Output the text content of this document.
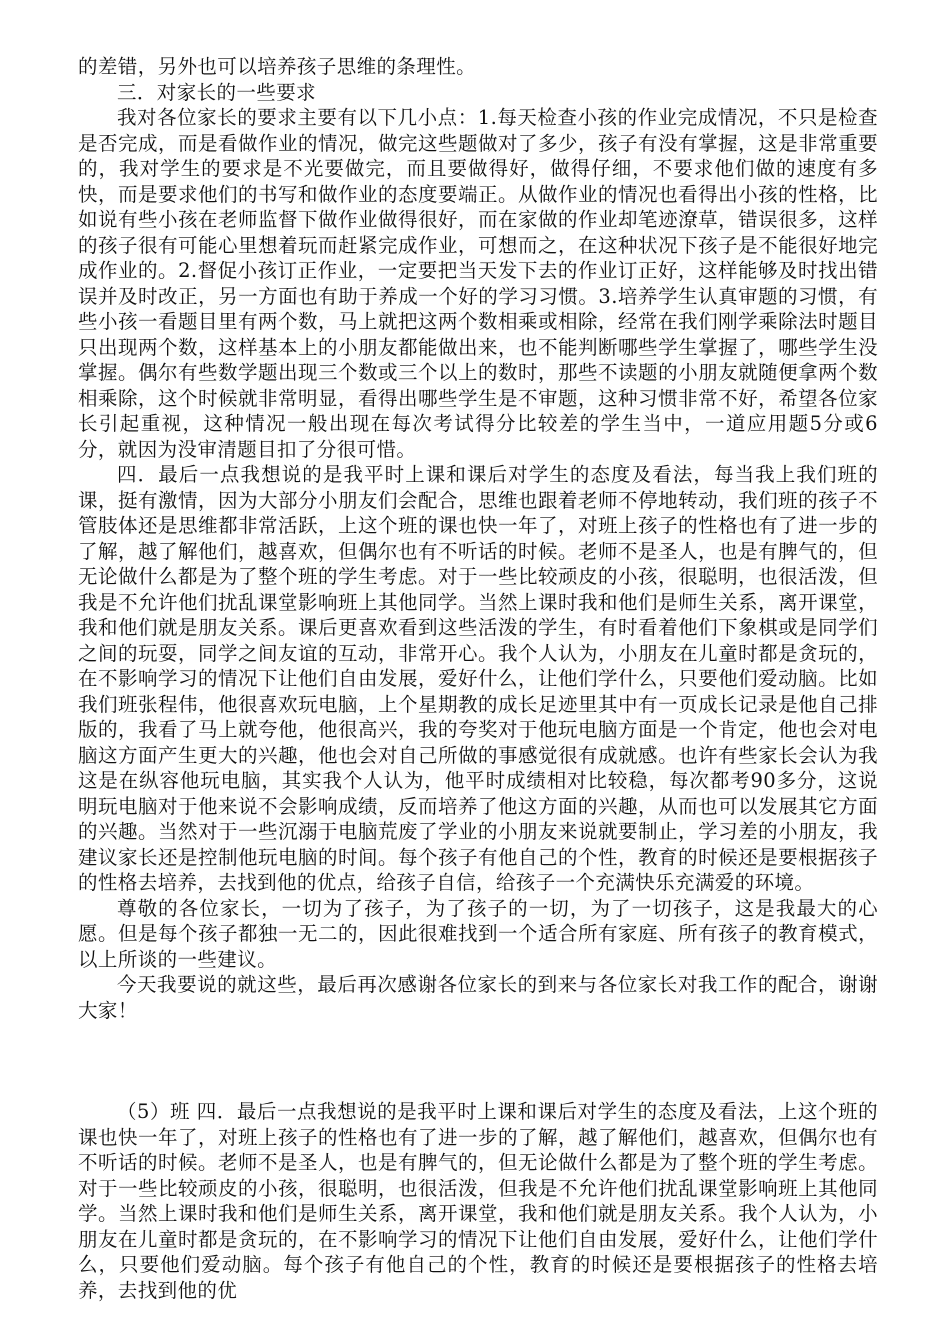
的差错，另外也可以培养孩子思维的条理性。

三．对家长的一些要求

我对各位家长的要求主要有以下几小点：1.每天检查小孩的作业完成情况，不只是检查是否完成，而是看做作业的情况，做完这些题做对了多少，孩子有没有掌握，这是非常重要的，我对学生的要求是不光要做完，而且要做得好，做得仔细，不要求他们做的速度有多快，而是要求他们的书写和做作业的态度要端正。从做作业的情况也看得出小孩的性格，比如说有些小孩在老师监督下做作业做得很好，而在家做的作业却笔迹潦草，错误很多，这样的孩子很有可能心里想着玩而赶紧完成作业，可想而之，在这种状况下孩子是不能很好地完成作业的。2.督促小孩订正作业，一定要把当天发下去的作业订正好，这样能够及时找出错误并及时改正，另一方面也有助于养成一个好的学习习惯。3.培养学生认真审题的习惯，有些小孩一看题目里有两个数，马上就把这两个数相乘或相除，经常在我们刚学乘除法时题目只出现两个数，这样基本上的小朋友都能做出来，也不能判断哪些学生掌握了，哪些学生没掌握。偶尔有些数学题出现三个数或三个以上的数时，那些不读题的小朋友就随便拿两个数相乘除，这个时候就非常明显，看得出哪些学生是不审题，这种习惯非常不好，希望各位家长引起重视，这种情况一般出现在每次考试得分比较差的学生当中，一道应用题5分或6分，就因为没审清题目扣了分很可惜。

四．最后一点我想说的是我平时上课和课后对学生的态度及看法，每当我上我们班的课，挺有激情，因为大部分小朋友们会配合，思维也跟着老师不停地转动，我们班的孩子不管肢体还是思维都非常活跃，上这个班的课也快一年了，对班上孩子的性格也有了进一步的了解，越了解他们，越喜欢，但偶尔也有不听话的时候。老师不是圣人，也是有脾气的，但无论做什么都是为了整个班的学生考虑。对于一些比较顽皮的小孩，很聪明，也很活泼，但我是不允许他们扰乱课堂影响班上其他同学。当然上课时我和他们是师生关系，离开课堂，我和他们就是朋友关系。课后更喜欢看到这些活泼的学生，有时看着他们下象棋或是同学们之间的玩耍，同学之间友谊的互动，非常开心。我个人认为，小朋友在儿童时都是贪玩的，在不影响学习的情况下让他们自由发展，爱好什么，让他们学什么，只要他们爱动脑。比如我们班张程伟，他很喜欢玩电脑，上个星期教的成长足迹里其中有一页成长记录是他自己排版的，我看了马上就夸他，他很高兴，我的夸奖对于他玩电脑方面是一个肯定，他也会对电脑这方面产生更大的兴趣，他也会对自己所做的事感觉很有成就感。也许有些家长会认为我这是在纵容他玩电脑，其实我个人认为，他平时成绩相对比较稳，每次都考90多分，这说明玩电脑对于他来说不会影响成绩，反而培养了他这方面的兴趣，从而也可以发展其它方面的兴趣。当然对于一些沉溺于电脑荒废了学业的小朋友来说就要制止，学习差的小朋友，我建议家长还是控制他玩电脑的时间。每个孩子有他自己的个性，教育的时候还是要根据孩子的性格去培养，去找到他的优点，给孩子自信，给孩子一个充满快乐充满爱的环境。

尊敬的各位家长，一切为了孩子，为了孩子的一切，为了一切孩子，这是我最大的心愿。但是每个孩子都独一无二的，因此很难找到一个适合所有家庭、所有孩子的教育模式，以上所谈的一些建议。

今天我要说的就这些，最后再次感谢各位家长的到来与各位家长对我工作的配合，谢谢大家！

（5）班 四．最后一点我想说的是我平时上课和课后对学生的态度及看法，上这个班的课也快一年了，对班上孩子的性格也有了进一步的了解，越了解他们，越喜欢，但偶尔也有不听话的时候。老师不是圣人，也是有脾气的，但无论做什么都是为了整个班的学生考虑。对于一些比较顽皮的小孩，很聪明，也很活泼，但我是不允许他们扰乱课堂影响班上其他同学。当然上课时我和他们是师生关系，离开课堂，我和他们就是朋友关系。我个人认为，小朋友在儿童时都是贪玩的，在不影响学习的情况下让他们自由发展，爱好什么，让他们学什么，只要他们爱动脑。每个孩子有他自己的个性，教育的时候还是要根据孩子的性格去培养，去找到他的优
